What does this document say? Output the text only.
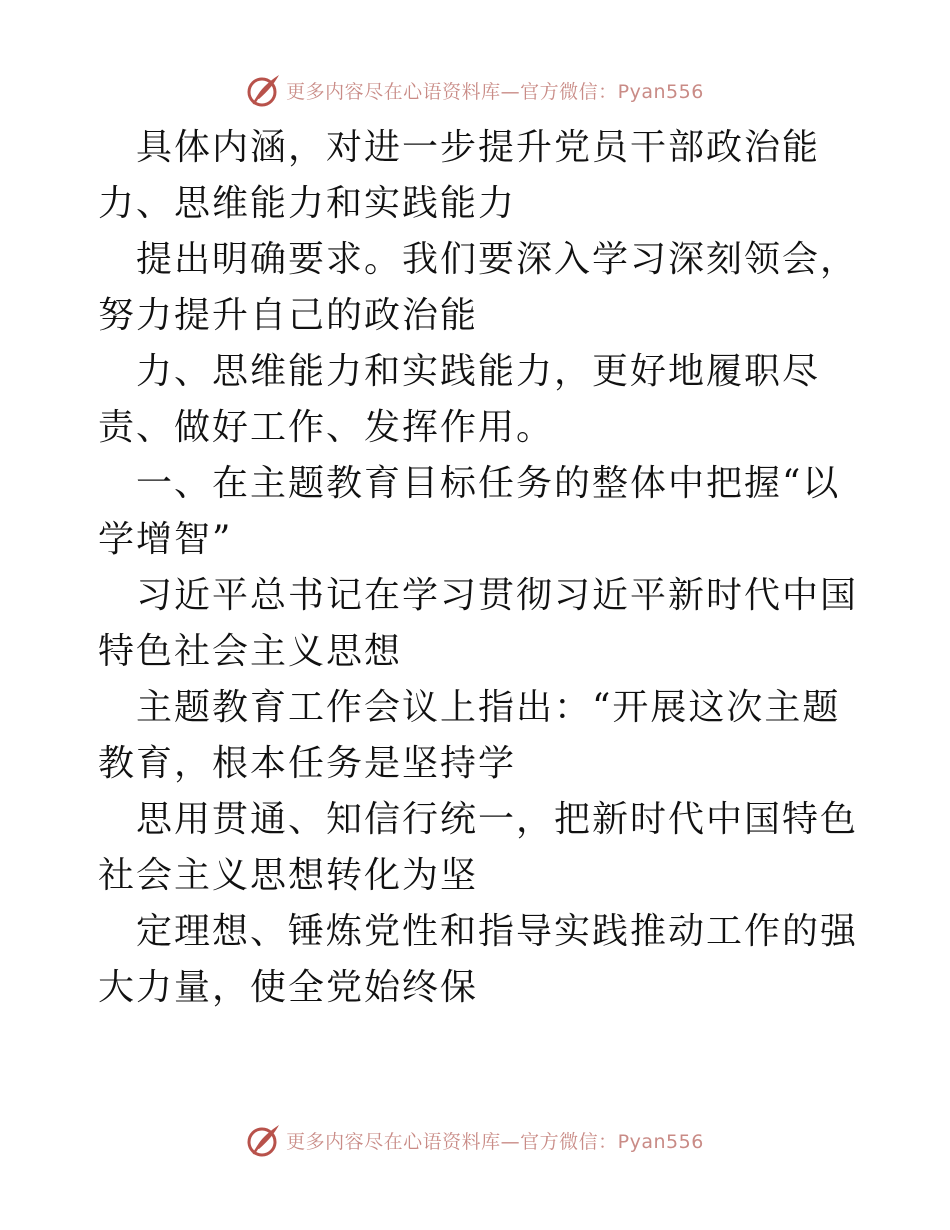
更多内容尽在心语资料库—官方微信：Pyan556

具体内涵，对进一步提升党员干部政治能力、思维能力和实践能力

提出明确要求。我们要深入学习深刻领会，努力提升自己的政治能

力、思维能力和实践能力，更好地履职尽责、做好工作、发挥作用。

一、在主题教育目标任务的整体中把握“以学增智”

习近平总书记在学习贯彻习近平新时代中国特色社会主义思想

主题教育工作会议上指出：“开展这次主题教育，根本任务是坚持学

思用贯通、知信行统一，把新时代中国特色社会主义思想转化为坚

定理想、锤炼党性和指导实践推动工作的强大力量，使全党始终保

更多内容尽在心语资料库—官方微信：Pyan556
